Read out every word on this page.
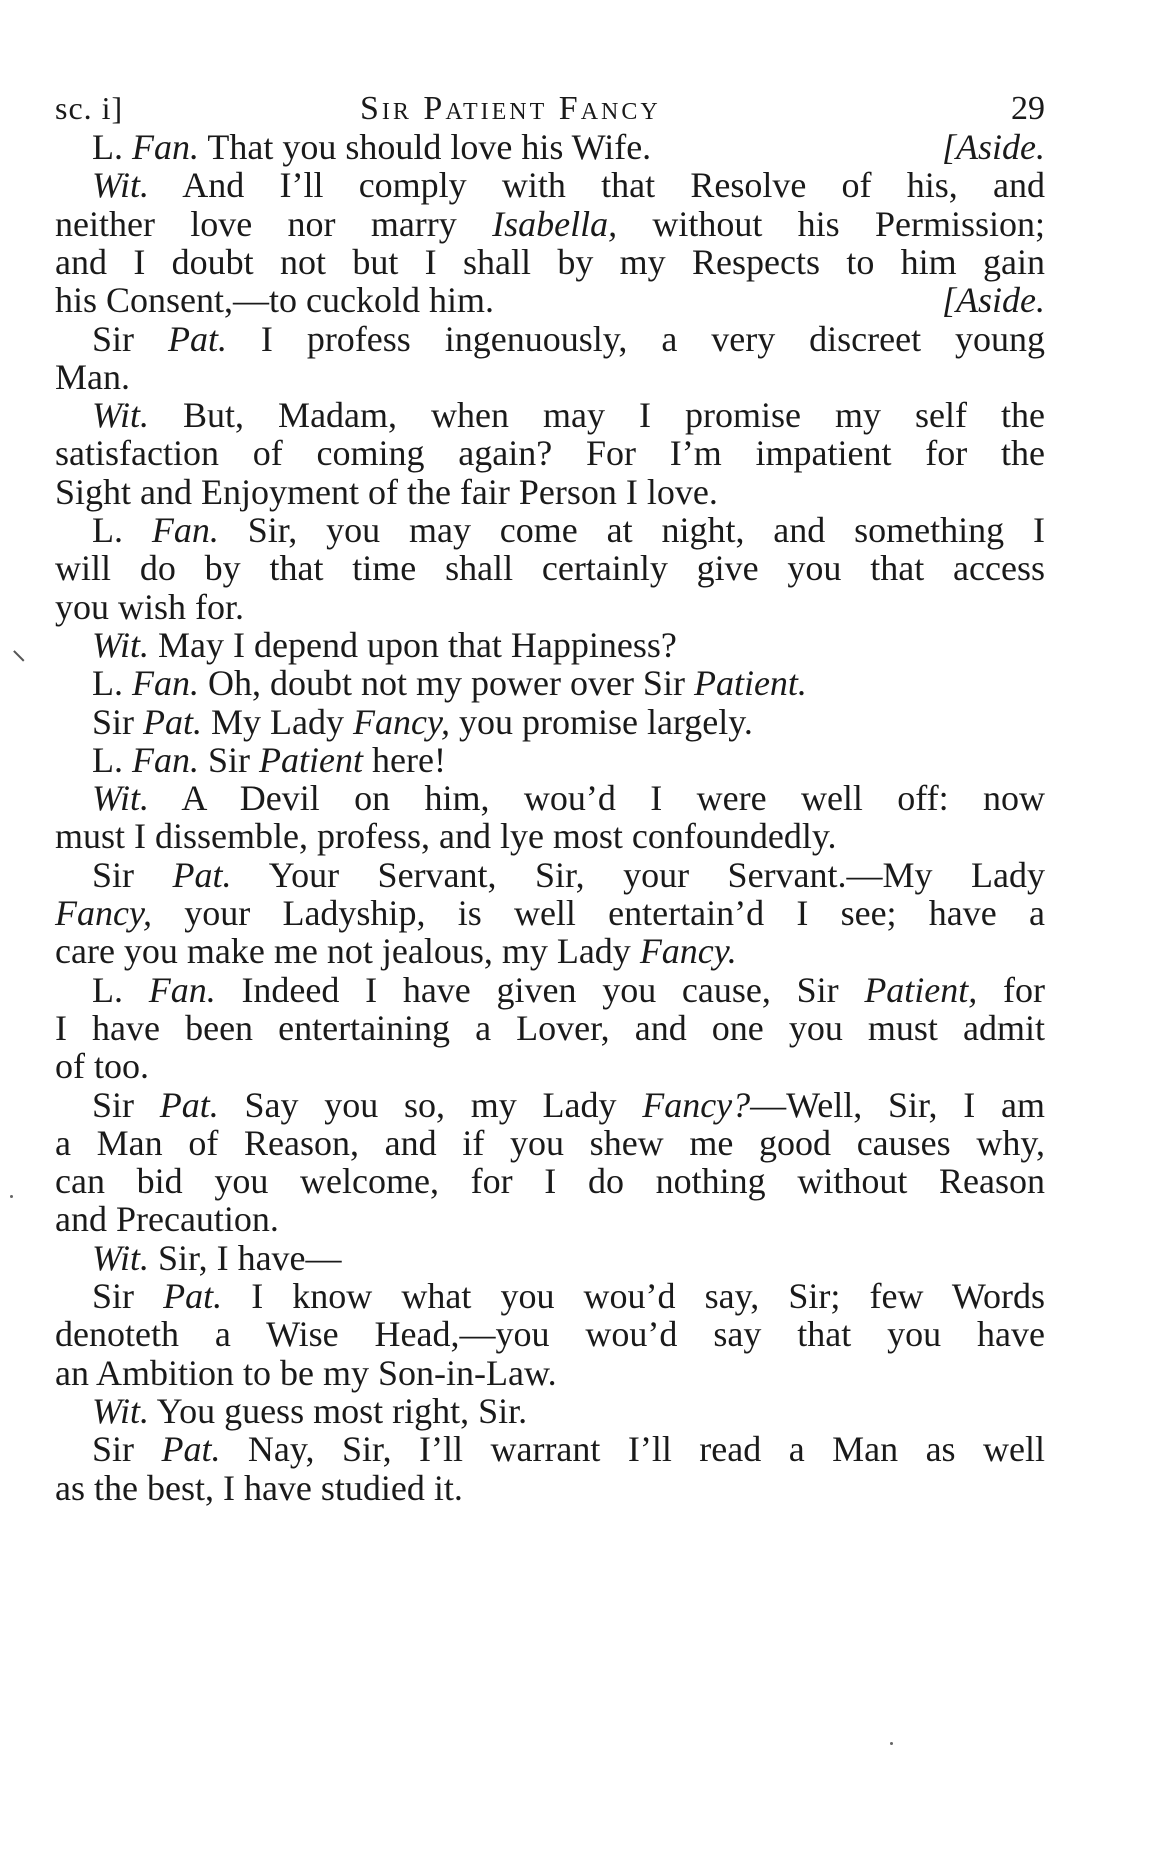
sc. i]	Sir Patient Fancy	29
L. Fan. That you should love his Wife.	[Aside.
Wit. And I’ll comply with that Resolve of his, and
neither love nor marry Isabella, without his Permission;
and I doubt not but I shall by my Respects to him gain
his Consent,—to cuckold him.	[Aside.
Sir Pat. I profess ingenuously, a very discreet young
Man.
Wit. But, Madam, when may I promise my self the
satisfaction of coming again? For I’m impatient for the
Sight and Enjoyment of the fair Person I love.
L. Fan. Sir, you may come at night, and something I
will do by that time shall certainly give you that access
you wish for.
Wit. May I depend upon that Happiness?
L. Fan. Oh, doubt not my power over Sir Patient.
Sir Pat. My Lady Fancy, you promise largely.
L. Fan. Sir Patient here!
Wit. A Devil on him, wou’d I were well off: now
must I dissemble, profess, and lye most confoundedly.
Sir Pat. Your Servant, Sir, your Servant.—My Lady
Fancy, your Ladyship, is well entertain’d I see; have a
care you make me not jealous, my Lady Fancy.
L. Fan. Indeed I have given you cause, Sir Patient, for
I have been entertaining a Lover, and one you must admit
of too.
Sir Pat. Say you so, my Lady Fancy?—Well, Sir, I am
a Man of Reason, and if you shew me good causes why,
can bid you welcome, for I do nothing without Reason
and Precaution.
Wit. Sir, I have—
Sir Pat. I know what you wou’d say, Sir; few Words
denoteth a Wise Head,—you wou’d say that you have
an Ambition to be my Son-in-Law.
Wit. You guess most right, Sir.
Sir Pat. Nay, Sir, I’ll warrant I’ll read a Man as well
as the best, I have studied it.
